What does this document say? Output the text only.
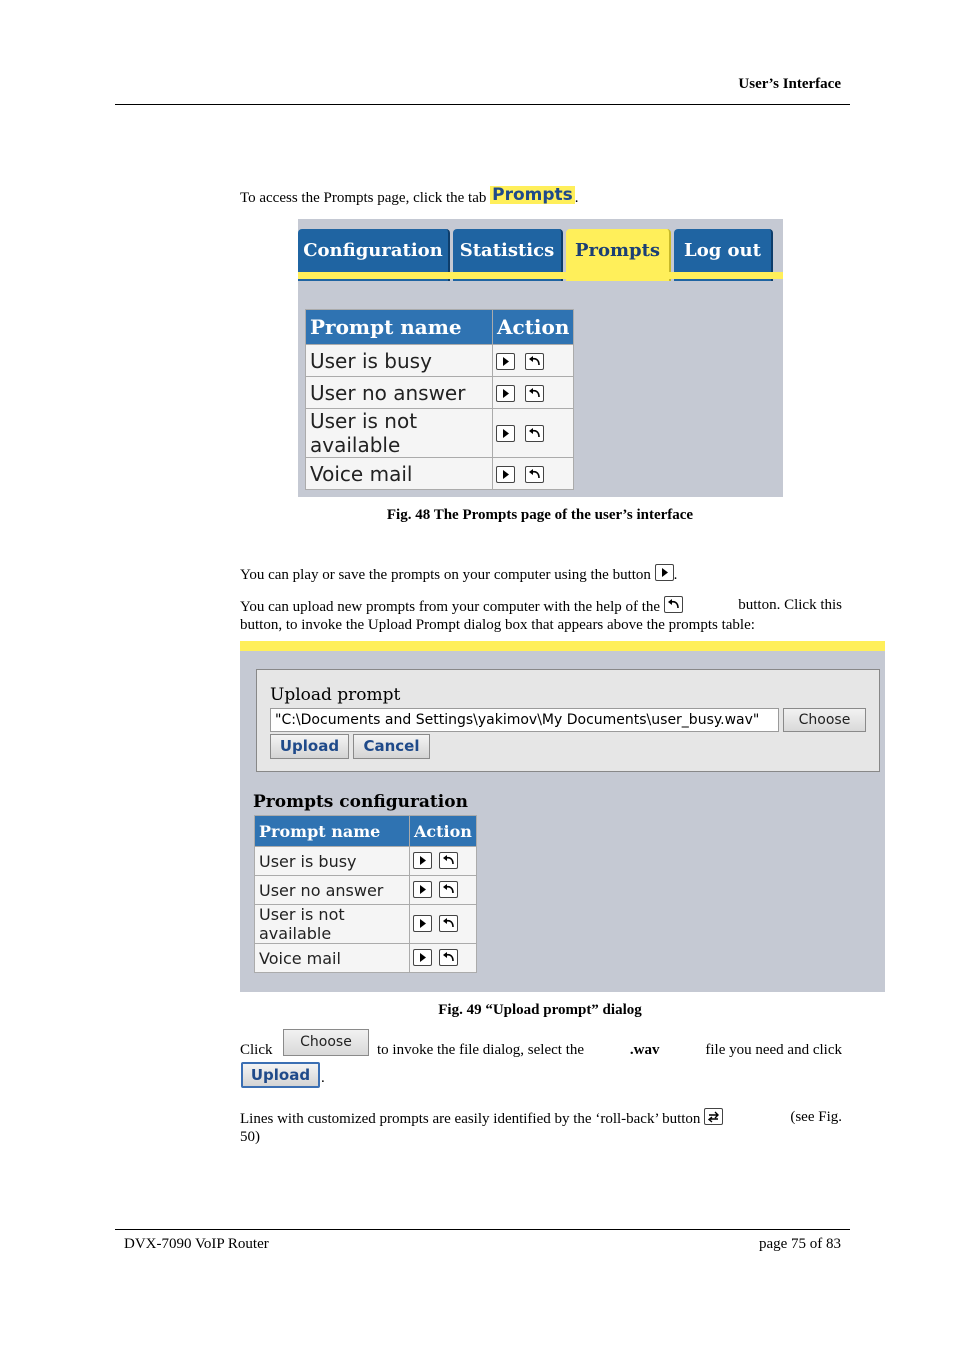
User’s Interface
To access the Prompts page, click the tab Prompts .
Configuration Statistics	Prompts	Log out
Prompt name	Action
User is busy	

User no answer	

User is not available	

Voice mail	

Fig. 48 The Prompts page of the user’s interface
You can play or save the prompts on your computer using the button .
You can upload new prompts from your computer with the help of the	button. Click this
button, to invoke the Upload Prompt dialog box that appears above the prompts table:
Upload prompt
"C:\Documents and Settings\yakimov\My Documents\user_busy.wav"	Choose
Upload	Cancel
Prompts configuration
Prompt name	Action
User is busy	

User no answer	

User is not available	

Voice mail	

Fig. 49 “Upload prompt” dialog
Click	Choose	to invoke the file dialog, select the	.wav	file you need and click
Upload .
Lines with customized prompts are easily identified by the ‘roll-back’ button	(see Fig.
50)
DVX-7090 VoIP Router	page 75 of 83
